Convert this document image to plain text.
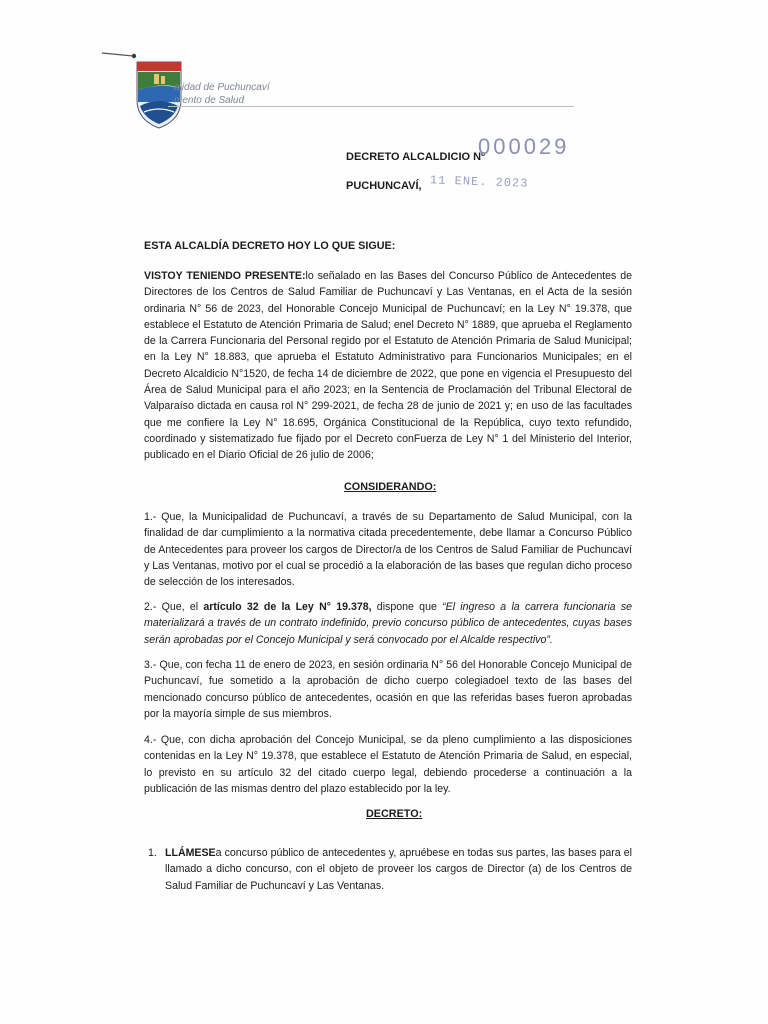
alidad de Puchuncaví
mento de Salud
DECRETO ALCALDICIO Nº
000029
PUCHUNCAVÍ, 11 ENE. 2023
ESTA ALCALDÍA DECRETO HOY LO QUE SIGUE:
VISTOY TENIENDO PRESENTE:lo señalado en las Bases del Concurso Público de Antecedentes de Directores de los Centros de Salud Familiar de Puchuncaví y Las Ventanas, en el Acta de la sesión ordinaria N° 56 de 2023, del Honorable Concejo Municipal de Puchuncaví; en la Ley N° 19.378, que establece el Estatuto de Atención Primaria de Salud; enel Decreto N° 1889, que aprueba el Reglamento de la Carrera Funcionaria del Personal regido por el Estatuto de Atención Primaria de Salud Municipal; en la Ley N° 18.883, que aprueba el Estatuto Administrativo para Funcionarios Municipales; en el Decreto Alcaldicio N°1520, de fecha 14 de diciembre de 2022, que pone en vigencia el Presupuesto del Área de Salud Municipal para el año 2023; en la Sentencia de Proclamación del Tribunal Electoral de Valparaíso dictada en causa rol N° 299-2021, de fecha 28 de junio de 2021 y; en uso de las facultades que me confiere la Ley N° 18.695, Orgánica Constitucional de la República, cuyo texto refundido, coordinado y sistematizado fue fijado por el Decreto conFuerza de Ley N° 1 del Ministerio del Interior, publicado en el Diario Oficial de 26 julio de 2006;
CONSIDERANDO:
1.- Que, la Municipalidad de Puchuncaví, a través de su Departamento de Salud Municipal, con la finalidad de dar cumplimiento a la normativa citada precedentemente, debe llamar a Concurso Público de Antecedentes para proveer los cargos de Director/a de los Centros de Salud Familiar de Puchuncaví y Las Ventanas, motivo por el cual se procedió a la elaboración de las bases que regulan dicho proceso de selección de los interesados.
2.- Que, el artículo 32 de la Ley N° 19.378, dispone que “El ingreso a la carrera funcionaria se materializará a través de un contrato indefinido, previo concurso público de antecedentes, cuyas bases serán aprobadas por el Concejo Municipal y será convocado por el Alcalde respectivo”.
3.- Que, con fecha 11 de enero de 2023, en sesión ordinaria N° 56 del Honorable Concejo Municipal de Puchuncaví, fue sometido a la aprobación de dicho cuerpo colegiadoel texto de las bases del mencionado concurso público de antecedentes, ocasión en que las referidas bases fueron aprobadas por la mayoría simple de sus miembros.
4.- Que, con dicha aprobación del Concejo Municipal, se da pleno cumplimiento a las disposiciones contenidas en la Ley N° 19.378, que establece el Estatuto de Atención Primaria de Salud, en especial, lo previsto en su artículo 32 del citado cuerpo legal, debiendo procederse a continuación a la publicación de las mismas dentro del plazo establecido por la ley.
DECRETO:
1. LLÁMESEa concurso público de antecedentes y, apruébese en todas sus partes, las bases para el llamado a dicho concurso, con el objeto de proveer los cargos de Director (a) de los Centros de Salud Familiar de Puchuncaví y Las Ventanas.
